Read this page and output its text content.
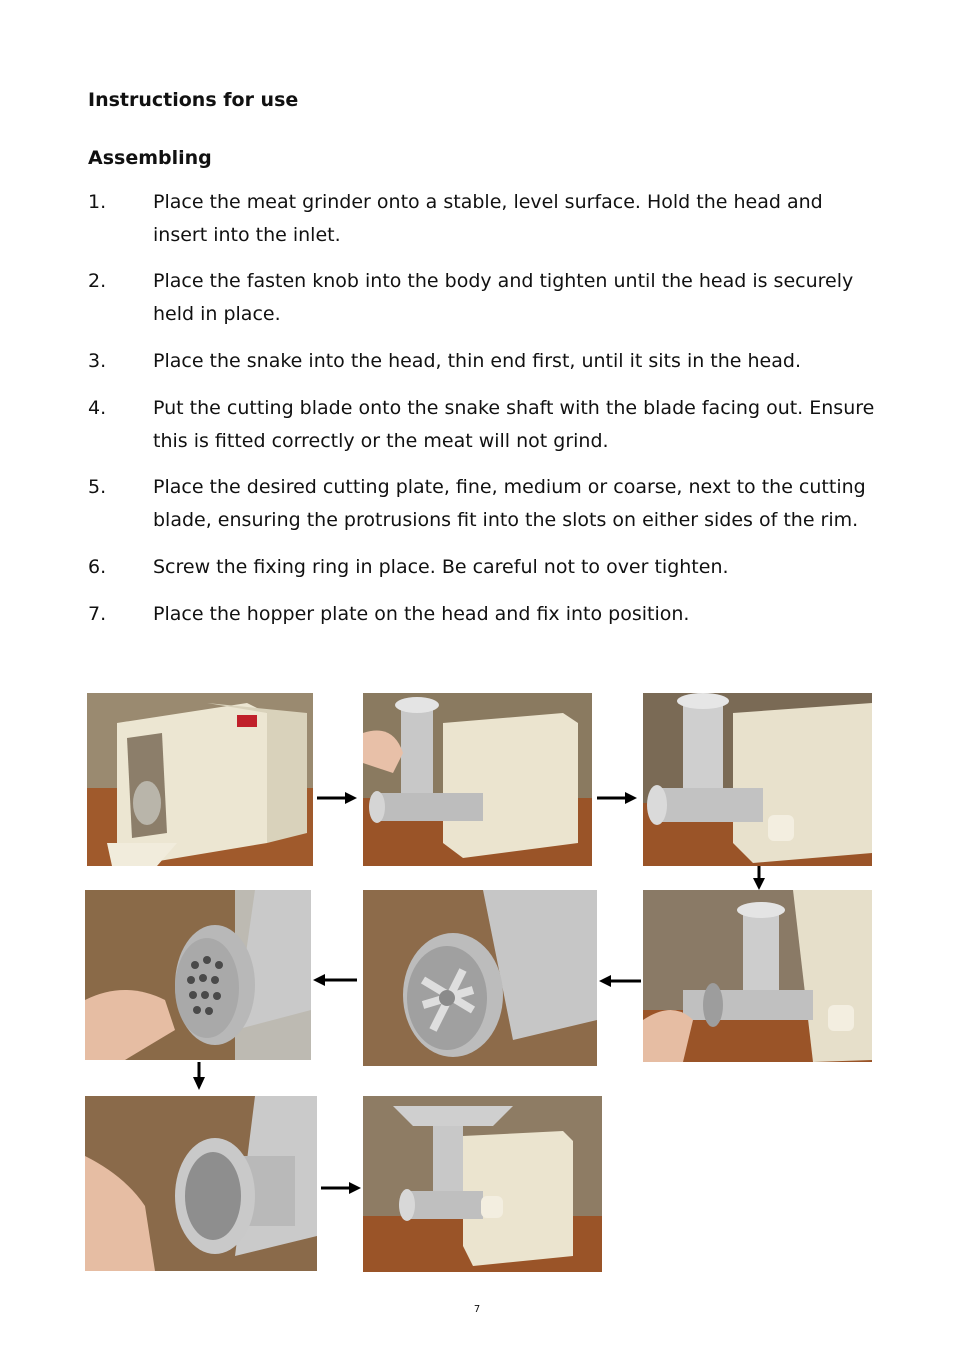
Instructions for use
Assembling
1. Place the meat grinder onto a stable, level surface. Hold the head and insert into the inlet.
2. Place the fasten knob into the body and tighten until the head is securely held in place.
3. Place the snake into the head, thin end first, until it sits in the head.
4. Put the cutting blade onto the snake shaft with the blade facing out. Ensure this is fitted correctly or the meat will not grind.
5. Place the desired cutting plate, fine, medium or coarse, next to the cutting blade, ensuring the protrusions fit into the slots on either sides of the rim.
6. Screw the fixing ring in place. Be careful not to over tighten.
7. Place the hopper plate on the head and fix into position.
7
